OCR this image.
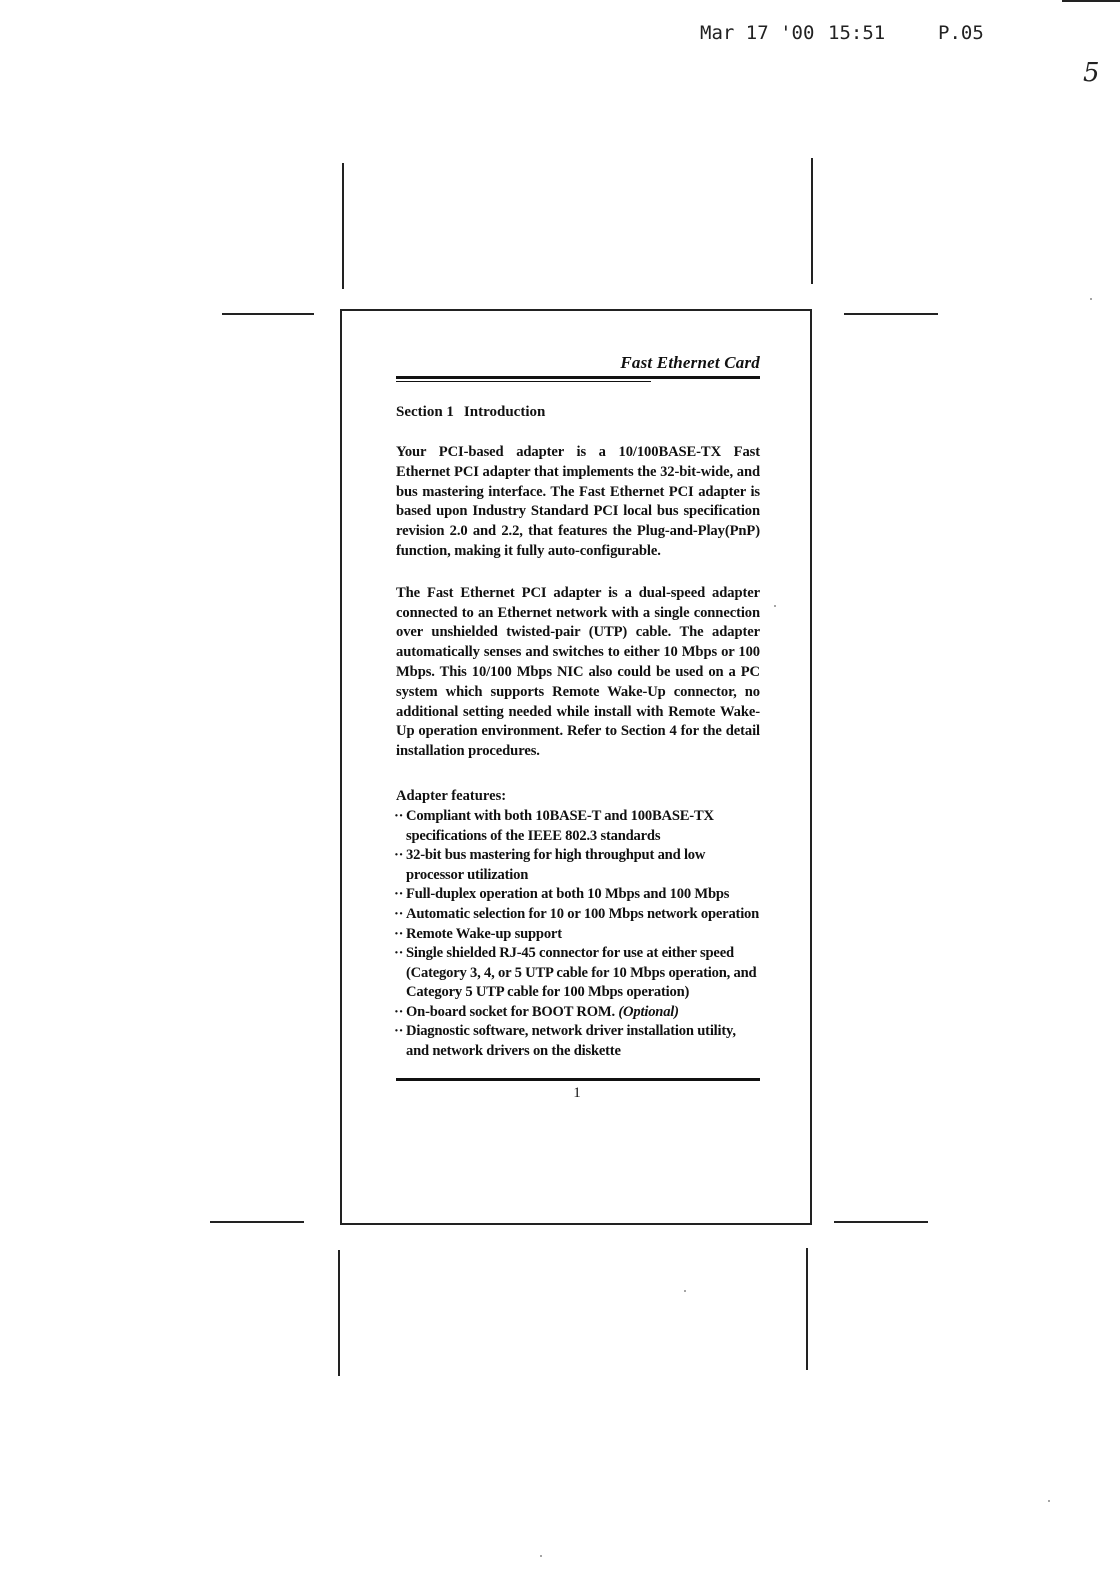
Mar 17 '00 15:51	P.05
5
Fast Ethernet Card
Section 1 Introduction

Your PCI-based adapter is a 10/100BASE-TX Fast Ethernet PCI adapter that implements the 32-bit-wide, and bus mastering interface. The Fast Ethernet PCI adapter is based upon Industry Standard PCI local bus specification revision 2.0 and 2.2, that features the Plug-and-Play(PnP) function, making it fully auto-configurable.

The Fast Ethernet PCI adapter is a dual-speed adapter connected to an Ethernet network with a single connection over unshielded twisted-pair (UTP) cable. The adapter automatically senses and switches to either 10 Mbps or 100 Mbps. This 10/100 Mbps NIC also could be used on a PC system which supports Remote Wake-Up connector, no additional setting needed while install with Remote Wake-Up operation environment. Refer to Section 4 for the detail installation procedures.

Adapter features:
·· Compliant with both 10BASE-T and 100BASE-TX specifications of the IEEE 802.3 standards
·· 32-bit bus mastering for high throughput and low processor utilization
·· Full-duplex operation at both 10 Mbps and 100 Mbps
·· Automatic selection for 10 or 100 Mbps network operation
·· Remote Wake-up support
·· Single shielded RJ-45 connector for use at either speed (Category 3, 4, or 5 UTP cable for 10 Mbps operation, and Category 5 UTP cable for 100 Mbps operation)
·· On-board socket for BOOT ROM. (Optional)
·· Diagnostic software, network driver installation utility, and network drivers on the diskette
1
